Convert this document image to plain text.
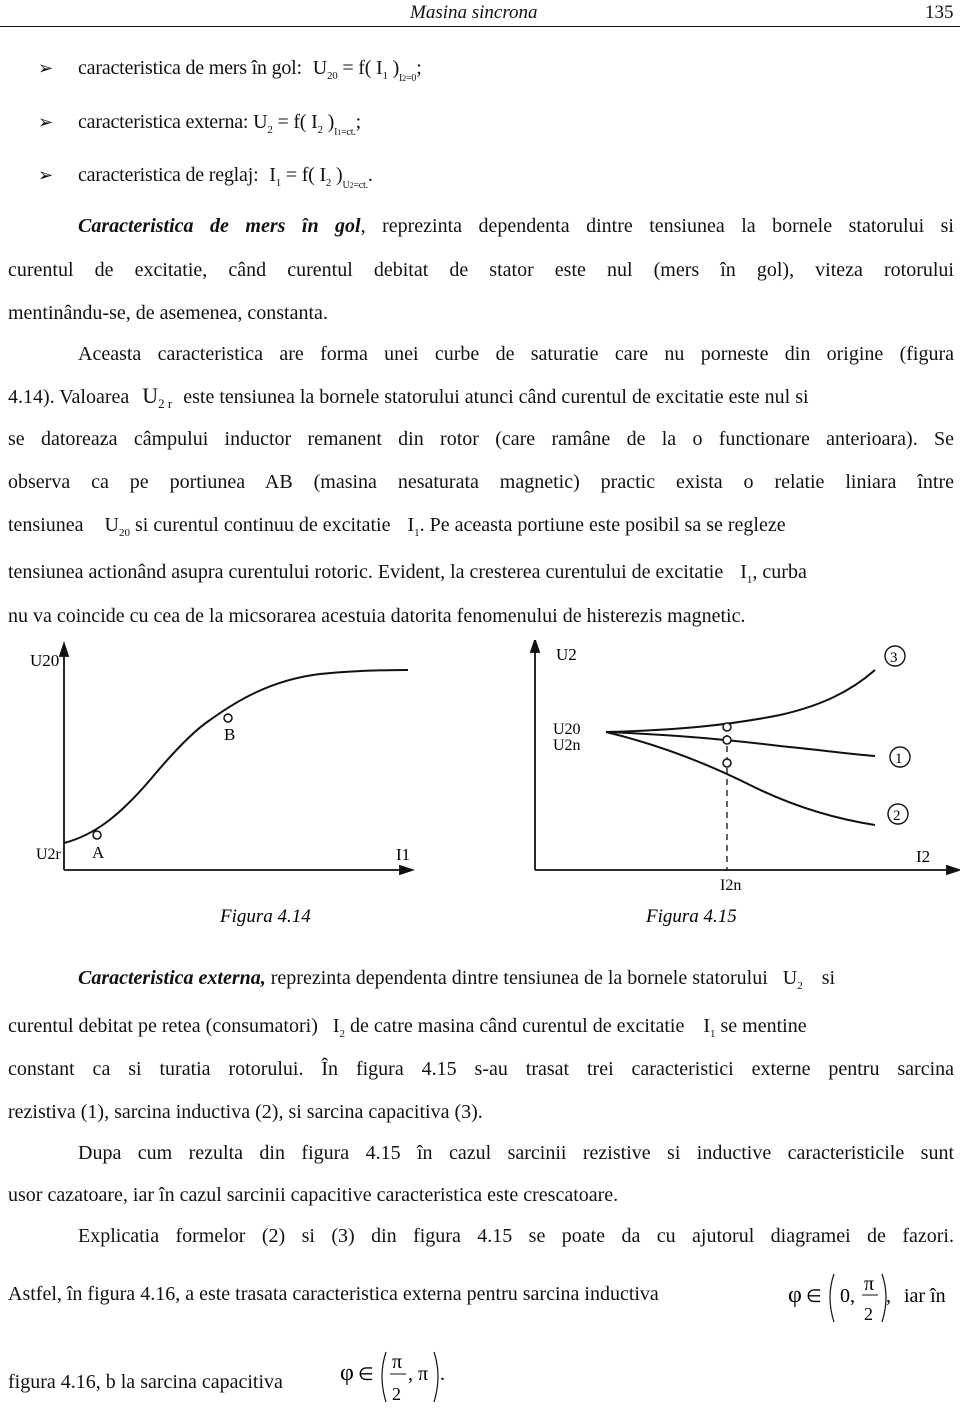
Masina sincrona	135
➢ caracteristica de mers în gol: $U_{20} = f$( $I_1$ )$_{I2=0}$;
➢ caracteristica externa: $U_2 = f$( $I_2$ )$_{I1=ct.}$;
➢ caracteristica de reglaj: $I_1 = f$( $I_2$ )$_{U2=ct.}$.
Caracteristica de mers în gol, reprezinta dependenta dintre tensiunea la bornele statorului si
curentul de excitatie, când curentul debitat de stator este nul (mers în gol), viteza rotorului
mentinându-se, de asemenea, constanta.
Aceasta caracteristica are forma unei curbe de saturatie care nu porneste din origine (figura
4.14). Valoarea $U_{2 r}$ este tensiunea la bornele statorului atunci când curentul de excitatie este nul si
se datoreaza câmpului inductor remanent din rotor (care ramâne de la o functionare anterioara). Se
observa ca pe portiunea AB (masina nesaturata magnetic) practic exista o relatie liniara între
tensiunea $U_{20}$ si curentul continuu de excitatie $I_1$. Pe aceasta portiune este posibil sa se regleze
tensiunea actionând asupra curentului rotoric. Evident, la cresterea curentului de excitatie $I_1$, curba
nu va coincide cu cea de la micsorarea acestuia datorita fenomenului de histerezis magnetic.
U20
U2r A
B
I1
Figura 4.14
U2
U20
U2n
3
1
2
I2
I2n
Figura 4.15
Caracteristica externa, reprezinta dependenta dintre tensiunea de la bornele statorului $U_2$ si
curentul debitat pe retea (consumatori) $I_2$ de catre masina când curentul de excitatie $I_1$ se mentine
constant ca si turatia rotorului. În figura 4.15 s-au trasat trei caracteristici externe pentru sarcina
rezistiva (1), sarcina inductiva (2), si sarcina capacitiva (3).
Dupa cum rezulta din figura 4.15 în cazul sarcinii rezistive si inductive caracteristicile sunt
usor cazatoare, iar în cazul sarcinii capacitive caracteristica este crescatoare.
Explicatia formelor (2) si (3) din figura 4.15 se poate da cu ajutorul diagramei de fazori.
Astfel, în figura 4.16, a este trasata caracteristica externa pentru sarcina inductiva	φ ∈ 0,
π
2
, iar în
figura 4.16, b la sarcina capacitiva	φ ∈
π
2
, π .
